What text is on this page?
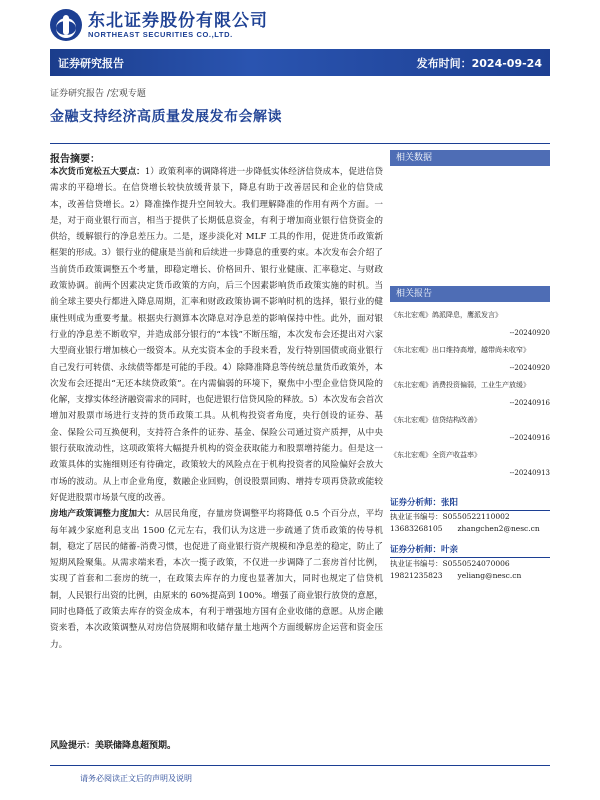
东北证券股份有限公司
NORTHEAST SECURITIES CO.,LTD.
证券研究报告	发布时间：2024-09-24
证券研究报告 /宏观专题
金融支持经济高质量发展发布会解读
报告摘要：

本次货币宽松五大要点：1）政策利率的调降将进一步降低实体经济信贷成本，促进信贷需求的平稳增长。在信贷增长较快放缓背景下，降息有助于改善居民和企业的信贷成本，改善信贷增长。2）降准操作提升空间较大。我们理解降准的作用有两个方面。一是，对于商业银行而言，相当于提供了长期低息资金，有利于增加商业银行信贷资金的供给，缓解银行的净息差压力。二是，逐步淡化对 MLF 工具的作用，促进货币政策新框架的形成。3）银行业的健康是当前和后续进一步降息的重要约束。本次发布会介绍了当前货币政策调整五个考量，即稳定增长、价格回升、银行业健康、汇率稳定、与财政政策协调。前两个因素决定货币政策的方向，后三个因素影响货币政策实施的时机。当前全球主要央行都进入降息周期，汇率和财政政策协调不影响时机的选择，银行业的健康性则成为重要考量。根据央行测算本次降息对净息差的影响保持中性。此外，面对银行业的净息差不断收窄，并造成部分银行的“本钱”不断压缩，本次发布会还提出对六家大型商业银行增加核心一级资本。从充实资本金的手段来看，发行特别国债或商业银行自己发行可转债、永续债等都是可能的手段。4）除降准降息等传统总量货币政策外，本次发布会还提出“无还本续贷政策”。在内需偏弱的环境下，聚焦中小型企业信贷风险的化解，支撑实体经济融资需求的同时，也促进银行信贷风险的释放。5）本次发布会首次增加对股票市场进行支持的货币政策工具。从机构投资者角度，央行创设的证券、基金、保险公司互换便利，支持符合条件的证券、基金、保险公司通过资产质押，从中央银行获取流动性，这项政策将大幅提升机构的资金获取能力和股票增持能力。但是这一政策具体的实施细则还有待确定，政策较大的风险点在于机构投资者的风险偏好会放大市场的波动。从上市企业角度，数融企业回购，创设股票回购、增持专项再贷款或能较好促进股票市场景气度的改善。

房地产政策调整力度加大：从居民角度，存量房贷调整平均将降低 0.5 个百分点，平均每年减少家庭利息支出 1500 亿元左右，我们认为这进一步疏通了货币政策的传导机制，稳定了居民的储蓄-消费习惯，也促进了商业银行资产规模和净息差的稳定，防止了短期风险聚集。从需求端来看，本次一揽子政策，不仅进一步调降了二套房首付比例，实现了首套和二套房的统一，在政策去库存的力度也显著加大，同时也规定了信贷机制，人民银行出资的比例，由原来的 60%提高到 100%。增强了商业银行放贷的意愿，同时也降低了政策去库存的资金成本，有利于增强地方国有企业收储的意愿。从房企融资来看，本次政策调整从对房信贷展期和收储存量土地两个方面缓解房企运营和资金压力。

风险提示：美联储降息超预期。
请务必阅读正文后的声明及说明
相关数据
相关报告
《东北宏观》鸽派降息，鹰派发言》
--20240920
《东北宏观》出口维持高增，越带尚未收窄》
--20240920
《东北宏观》消费投资偏弱，工业生产放缓》
--20240916
《东北宏观》信贷结构改善》
--20240916
《东北宏观》全资产收益率》
--20240913
证券分析师：张阳
执业证书编号：S0550522110002
13683268105　　zhangchen2@nesc.cn
证券分析师：叶亲
执业证书编号：S0550524070006
19821235823　　yeliang@nesc.cn
